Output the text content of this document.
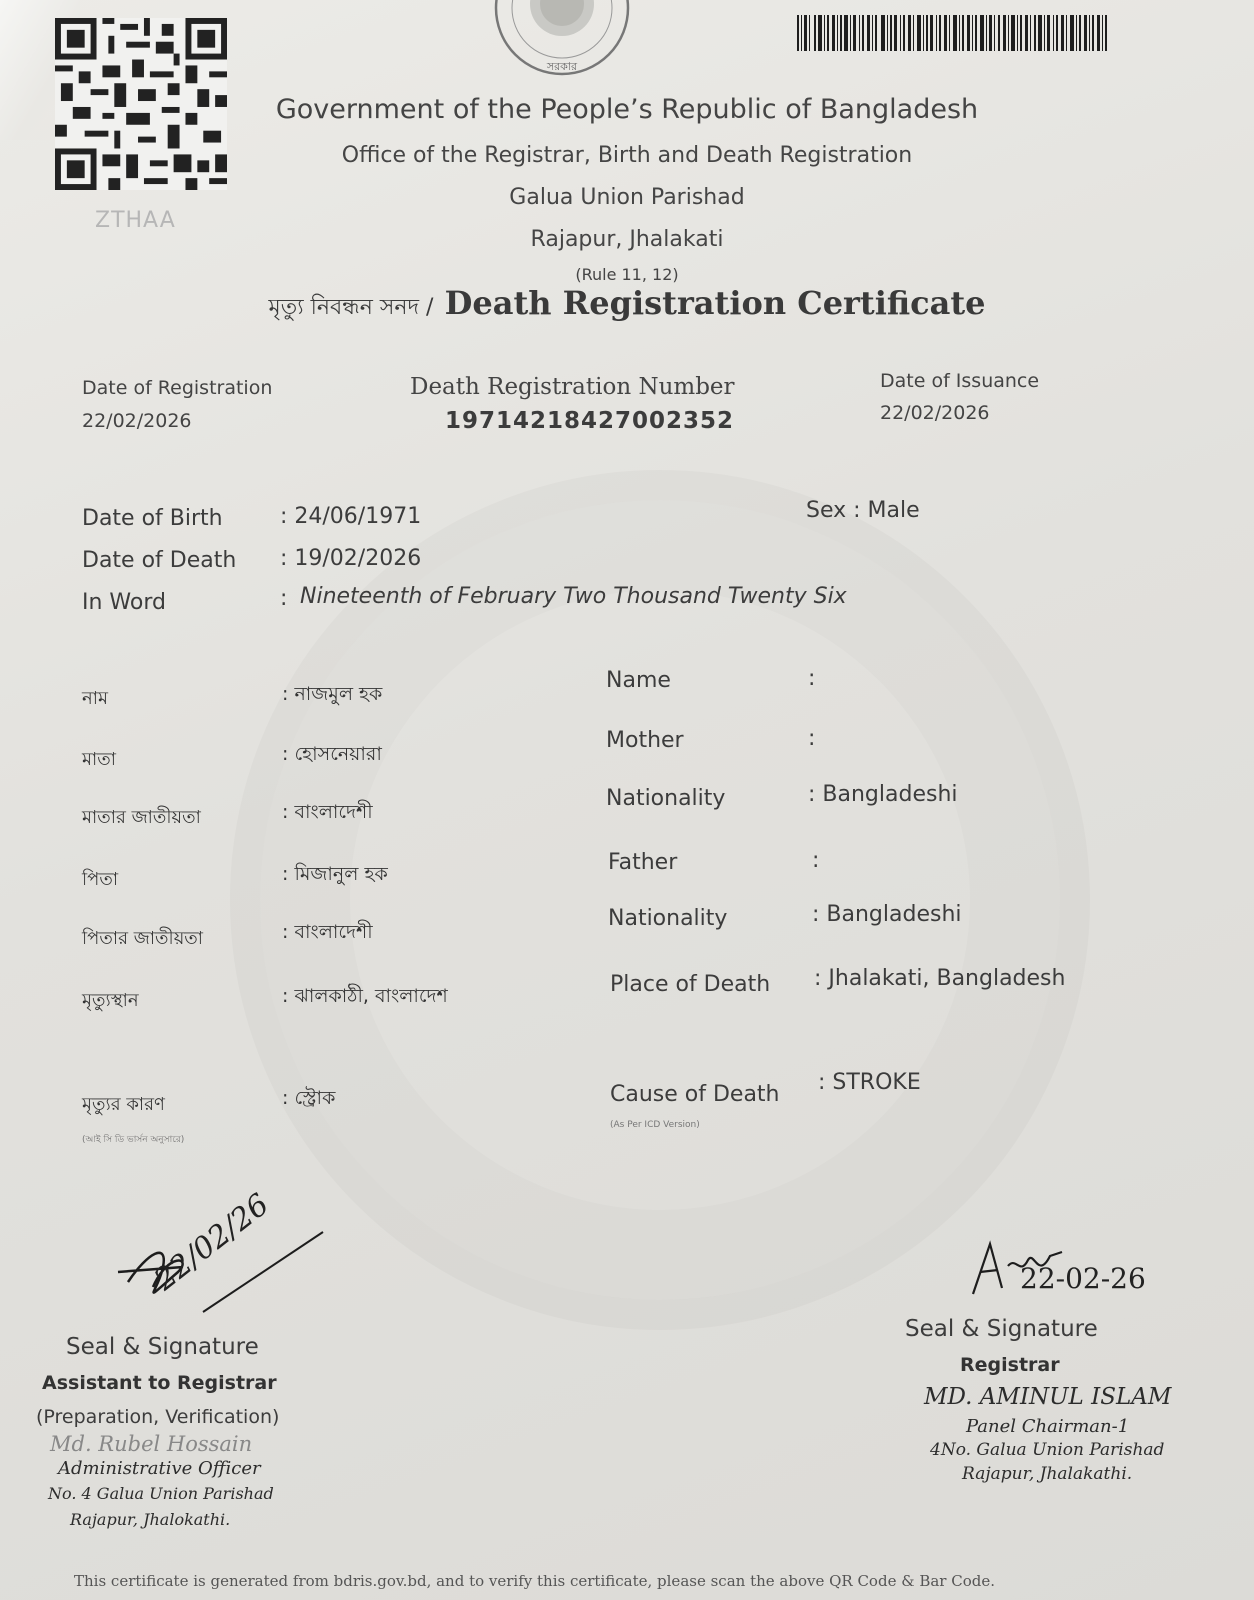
ZTHAA
সরকার
Government of the People’s Republic of Bangladesh
Office of the Registrar, Birth and Death Registration
Galua Union Parishad
Rajapur, Jhalakati
(Rule 11, 12)
মৃত্যু নিবন্ধন সনদ / Death Registration Certificate
Date of Registration
22/02/2026
Death Registration Number
19714218427002352
Date of Issuance
22/02/2026
Date of Birth	: 24/06/1971	Sex : Male
Date of Death : 19/02/2026
In Word	: Nineteenth of February Two Thousand Twenty Six
নাম	: নাজমুল হক
মাতা	: হোসনেয়ারা
মাতার জাতীয়তা	: বাংলাদেশী
পিতা	: মিজানুল হক
পিতার জাতীয়তা	: বাংলাদেশী
মৃত্যুস্থান	: ঝালকাঠী, বাংলাদেশ
মৃত্যুর কারণ	: স্ট্রোক
(আই সি ডি ভার্সন অনুসারে)
Name	:
Mother	:
Nationality	: Bangladeshi
Father	:
Nationality	: Bangladeshi
Place of Death : Jhalakati, Bangladesh
Cause of Death : STROKE
(As Per ICD Version)
22/02/26
Seal & Signature
Assistant to Registrar
(Preparation, Verification)
Md. Rubel Hossain
Administrative Officer
No. 4 Galua Union Parishad
Rajapur, Jhalokathi.
22-02-26
Seal & Signature
Registrar
MD. AMINUL ISLAM
Panel Chairman-1
4No. Galua Union Parishad
Rajapur, Jhalakathi.
This certificate is generated from bdris.gov.bd, and to verify this certificate, please scan the above QR Code & Bar Code.
